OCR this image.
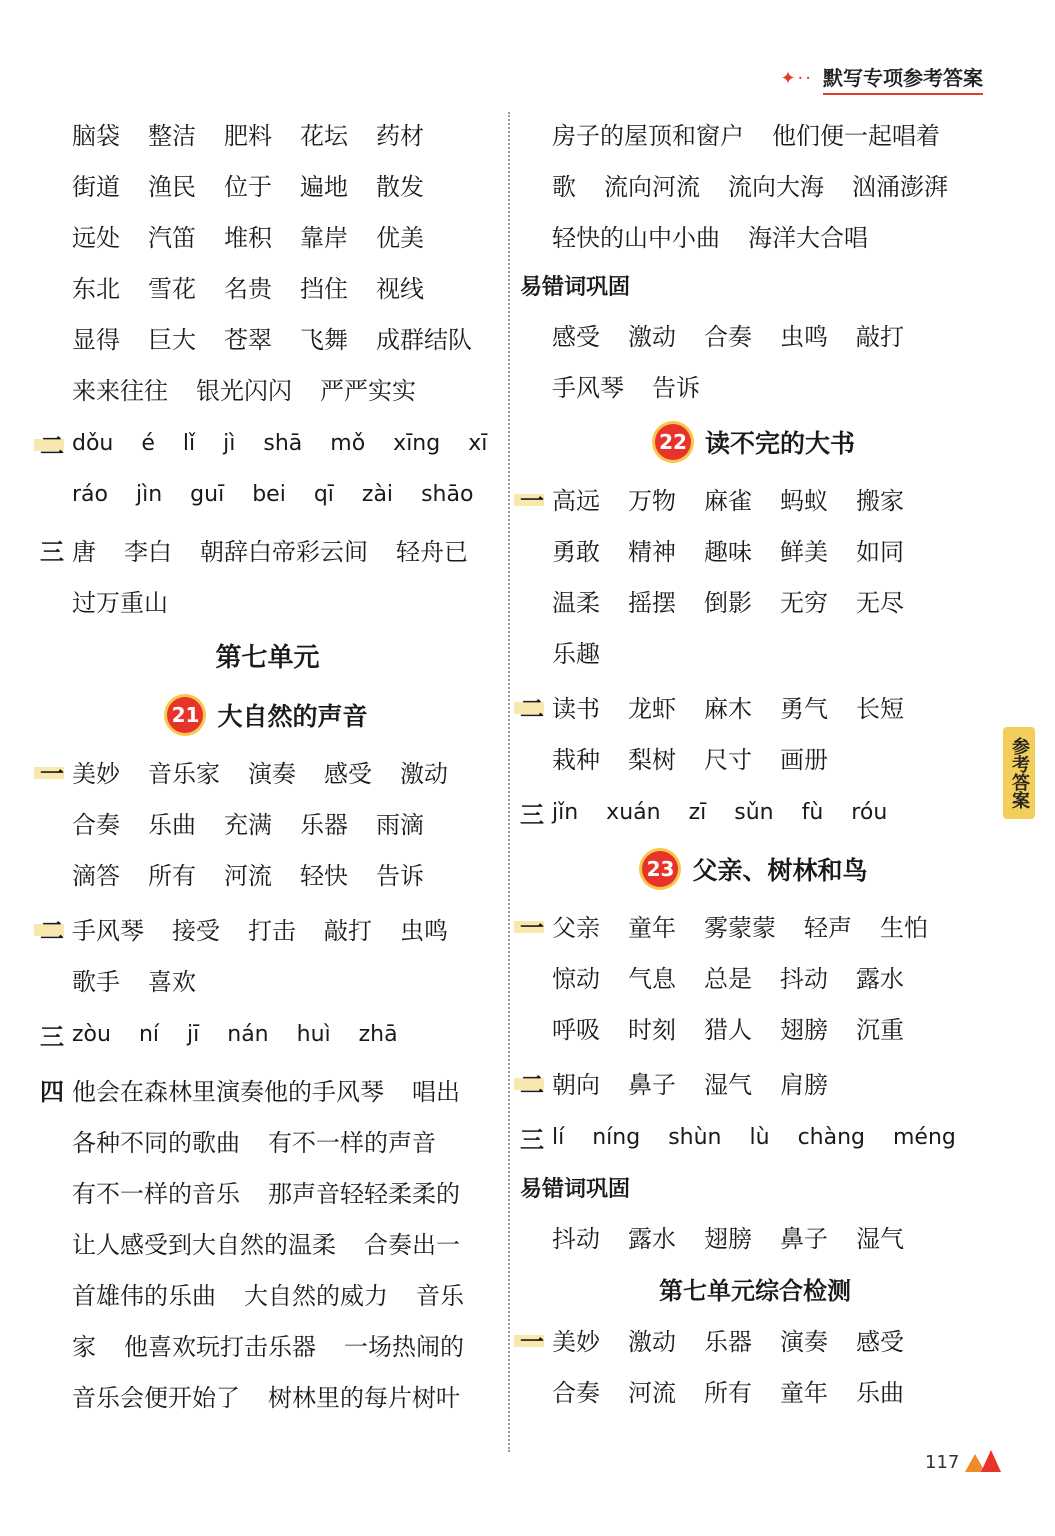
✦·· 默写专项参考答案
脑袋 整洁 肥料 花坛 药材
街道 渔民 位于 遍地 散发
远处 汽笛 堆积 靠岸 优美
东北 雪花 名贵 挡住 视线
显得 巨大 苍翠 飞舞 成群结队
来来往往 银光闪闪 严严实实
二 dǒu é lǐ jì shā mǒ xīng xī
ráo jìn guī bei qī zài shāo
三 唐 李白 朝辞白帝彩云间 轻舟已
过万重山
第七单元
21 大自然的声音
一 美妙 音乐家 演奏 感受 激动
合奏 乐曲 充满 乐器 雨滴
滴答 所有 河流 轻快 告诉
二 手风琴 接受 打击 敲打 虫鸣
歌手 喜欢
三 zòu ní jī nán huì zhā
四 他会在森林里演奏他的手风琴 唱出
各种不同的歌曲 有不一样的声音
有不一样的音乐 那声音轻轻柔柔的
让人感受到大自然的温柔 合奏出一
首雄伟的乐曲 大自然的威力 音乐
家 他喜欢玩打击乐器 一场热闹的
音乐会便开始了 树林里的每片树叶
房子的屋顶和窗户 他们便一起唱着
歌 流向河流 流向大海 汹涌澎湃
轻快的山中小曲 海洋大合唱
易错词巩固
感受 激动 合奏 虫鸣 敲打
手风琴 告诉
22 读不完的大书
一 高远 万物 麻雀 蚂蚁 搬家
勇敢 精神 趣味 鲜美 如同
温柔 摇摆 倒影 无穷 无尽
乐趣
二 读书 龙虾 麻木 勇气 长短
栽种 梨树 尺寸 画册
三 jǐn xuán zī sǔn fù róu
23 父亲、树林和鸟
一 父亲 童年 雾蒙蒙 轻声 生怕
惊动 气息 总是 抖动 露水
呼吸 时刻 猎人 翅膀 沉重
二 朝向 鼻子 湿气 肩膀
三 lí níng shùn lù chàng méng
易错词巩固
抖动 露水 翅膀 鼻子 湿气
第七单元综合检测
一 美妙 激动 乐器 演奏 感受
合奏 河流 所有 童年 乐曲
参考答案
117
